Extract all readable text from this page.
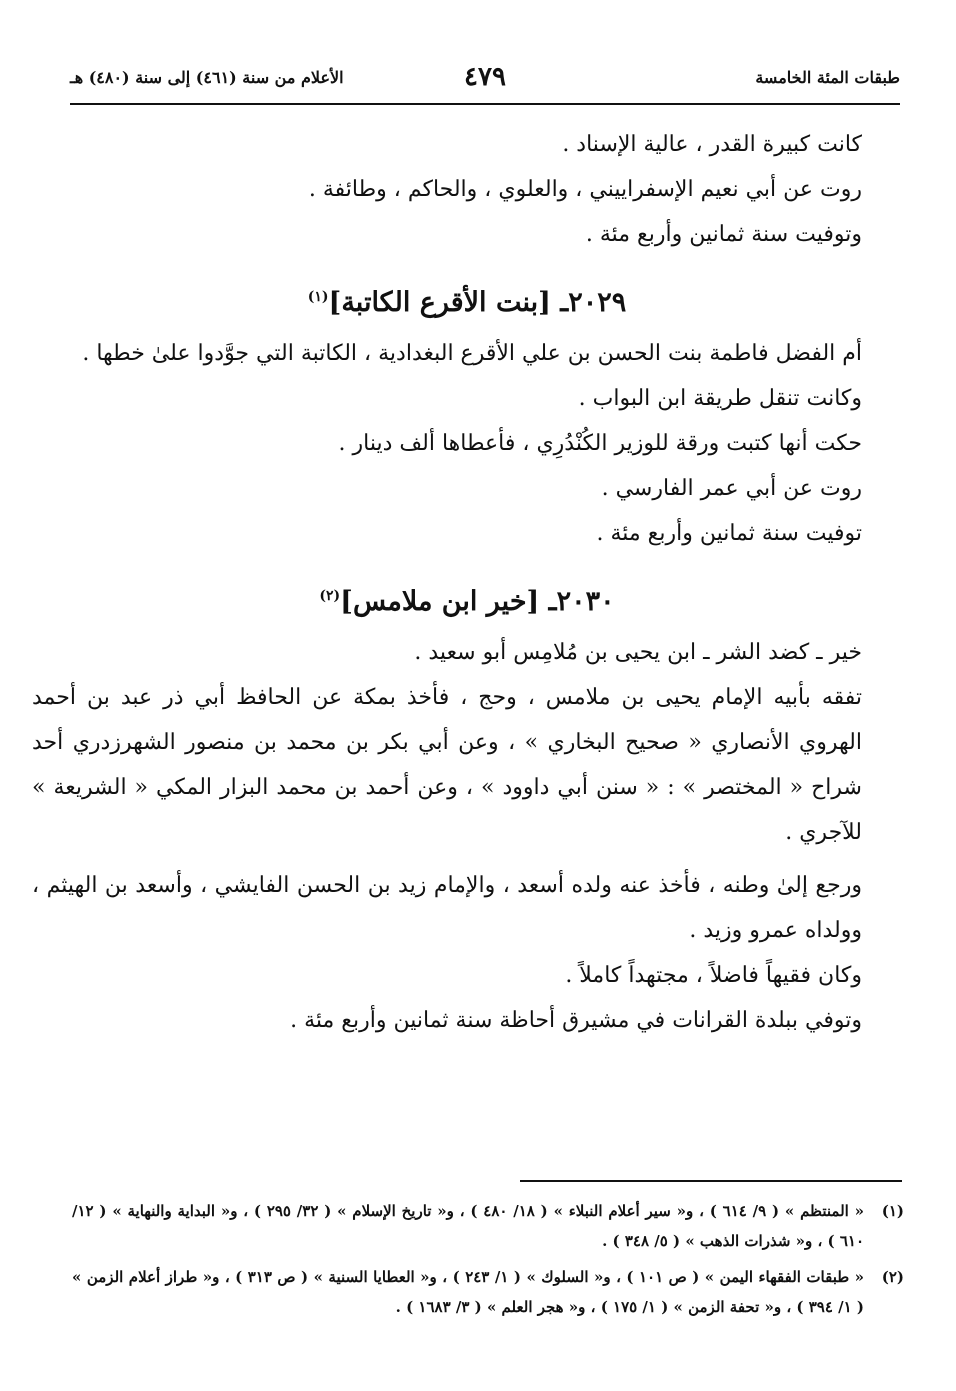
طبقات المئة الخامسة
٤٧٩
الأعلام من سنة (٤٦١) إلى سنة (٤٨٠) هـ
كانت كبيرة القدر ، عالية الإسناد .
روت عن أبي نعيم الإسفراييني ، والعلوي ، والحاكم ، وطائفة .
وتوفيت سنة ثمانين وأربع مئة .
٢٠٢٩ـ [بنت الأقرع الكاتبة]$^{(١)}$
أم الفضل فاطمة بنت الحسن بن علي الأقرع البغدادية ، الكاتبة التي جوَّدوا علىٰ خطها .
وكانت تنقل طريقة ابن البواب .
حكت أنها كتبت ورقة للوزير الكُنْدُرِي ، فأعطاها ألف دينار .
روت عن أبي عمر الفارسي .
توفيت سنة ثمانين وأربع مئة .
٢٠٣٠ـ [خير ابن ملامس]$^{(٢)}$
خير ـ كضد الشر ـ ابن يحيى بن مُلامِس أبو سعيد .
تفقه بأبيه الإمام يحيى بن ملامس ، وحج ، فأخذ بمكة عن الحافظ أبي ذر عبد بن أحمد الهروي الأنصاري « صحيح البخاري » ، وعن أبي بكر بن محمد بن منصور الشهرزدري أحد شراح « المختصر » : « سنن أبي داوود » ، وعن أحمد بن محمد البزار المكي « الشريعة » للآجري .
ورجع إلىٰ وطنه ، فأخذ عنه ولده أسعد ، والإمام زيد بن الحسن الفايشي ، وأسعد بن الهيثم ، وولداه عمرو وزيد .
وكان فقيهاً فاضلاً ، مجتهداً كاملاً .
وتوفي ببلدة القرانات في مشيرق أحاظة سنة ثمانين وأربع مئة .
(١)
« المنتظم » ( ٩/ ٦١٤ ) ، و« سير أعلام النبلاء » ( ١٨/ ٤٨٠ ) ، و« تاريخ الإسلام » ( ٣٢/ ٢٩٥ ) ، و« البداية والنهاية » ( ١٢/ ٦١٠ ) ، و« شذرات الذهب » ( ٥/ ٣٤٨ ) .
(٢)
« طبقات الفقهاء اليمن » ( ص ١٠١ ) ، و« السلوك » ( ١/ ٢٤٣ ) ، و« العطايا السنية » ( ص ٣١٣ ) ، و« طراز أعلام الزمن » ( ١/ ٣٩٤ ) ، و« تحفة الزمن » ( ١/ ١٧٥ ) ، و« هجر العلم » ( ٣/ ١٦٨٣ ) .
